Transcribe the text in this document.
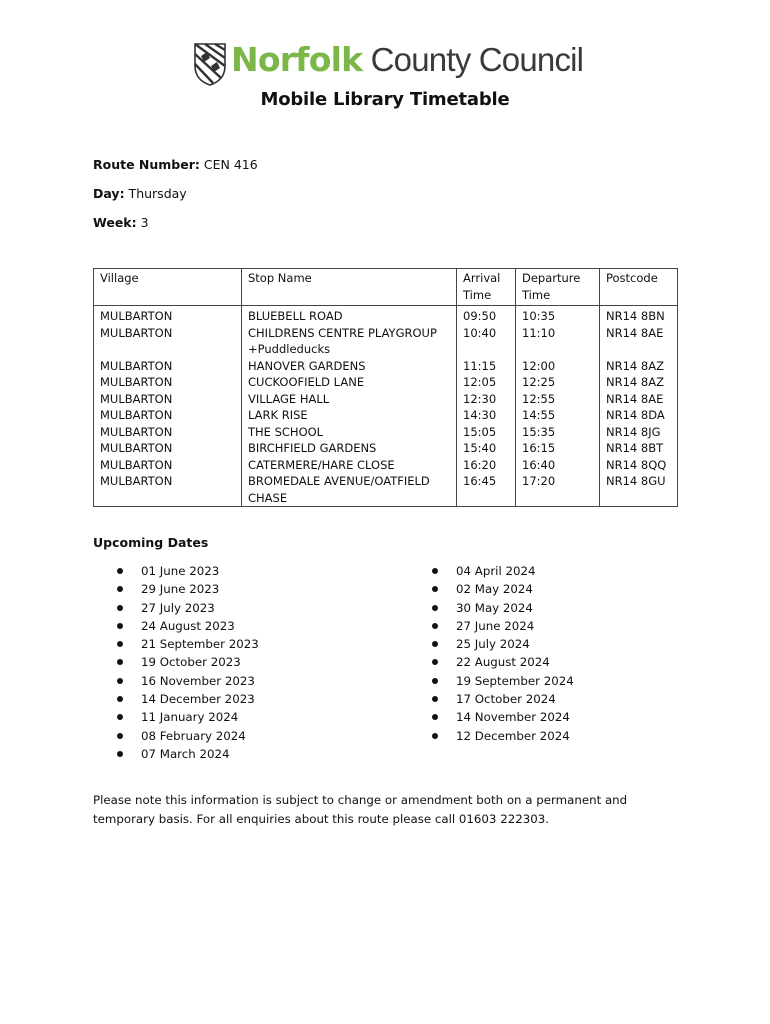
Norfolk County Council
Mobile Library Timetable
Route Number: CEN 416
Day: Thursday
Week: 3
Village	Stop Name	Arrival Time	Departure Time	Postcode
MULBARTON	BLUEBELL ROAD	09:50	10:35	NR14 8BN
MULBARTON	CHILDRENS CENTRE PLAYGROUP +Puddleducks	10:40	11:10	NR14 8AE
MULBARTON	HANOVER GARDENS	11:15	12:00	NR14 8AZ
MULBARTON	CUCKOOFIELD LANE	12:05	12:25	NR14 8AZ
MULBARTON	VILLAGE HALL	12:30	12:55	NR14 8AE
MULBARTON	LARK RISE	14:30	14:55	NR14 8DA
MULBARTON	THE SCHOOL	15:05	15:35	NR14 8JG
MULBARTON	BIRCHFIELD GARDENS	15:40	16:15	NR14 8BT
MULBARTON	CATERMERE/HARE CLOSE	16:20	16:40	NR14 8QQ
MULBARTON	BROMEDALE AVENUE/OATFIELD CHASE	16:45	17:20	NR14 8GU
Upcoming Dates
01 June 2023
29 June 2023
27 July 2023
24 August 2023
21 September 2023
19 October 2023
16 November 2023
14 December 2023
11 January 2024
08 February 2024
07 March 2024
04 April 2024
02 May 2024
30 May 2024
27 June 2024
25 July 2024
22 August 2024
19 September 2024
17 October 2024
14 November 2024
12 December 2024
Please note this information is subject to change or amendment both on a permanent and temporary basis. For all enquiries about this route please call 01603 222303.
